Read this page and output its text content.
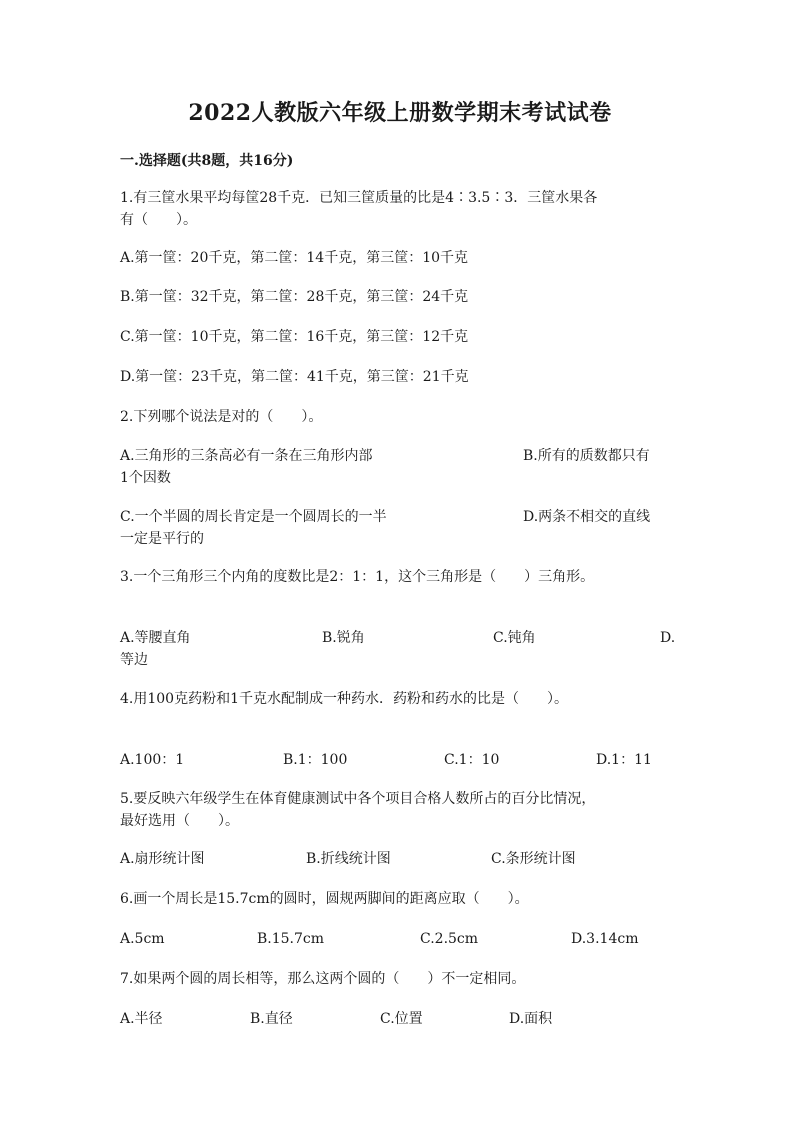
2022人教版六年级上册数学期末考试试卷
一.选择题(共8题，共16分)
1.有三筐水果平均每筐28千克．已知三筐质量的比是4∶3.5∶3．三筐水果各
有（　　）。
A.第一筐：20千克，第二筐：14千克，第三筐：10千克
B.第一筐：32千克，第二筐：28千克，第三筐：24千克
C.第一筐：10千克，第二筐：16千克，第三筐：12千克
D.第一筐：23千克，第二筐：41千克，第三筐：21千克
2.下列哪个说法是对的（　　）。
A.三角形的三条高必有一条在三角形内部	B.所有的质数都只有
1个因数
C.一个半圆的周长肯定是一个圆周长的一半	D.两条不相交的直线
一定是平行的
3.一个三角形三个内角的度数比是2：1：1，这个三角形是（　　）三角形。
A.等腰直角	B.锐角	C.钝角	D.
等边
4.用100克药粉和1千克水配制成一种药水．药粉和药水的比是（　　）。
A.100：1	B.1：100	C.1：10	D.1：11
5.要反映六年级学生在体育健康测试中各个项目合格人数所占的百分比情况，
最好选用（　　）。
A.扇形统计图	B.折线统计图	C.条形统计图
6.画一个周长是15.7cm的圆时，圆规两脚间的距离应取（　　）。
A.5cm	B.15.7cm	C.2.5cm	D.3.14cm
7.如果两个圆的周长相等，那么这两个圆的（　　）不一定相同。
A.半径	B.直径	C.位置	D.面积
